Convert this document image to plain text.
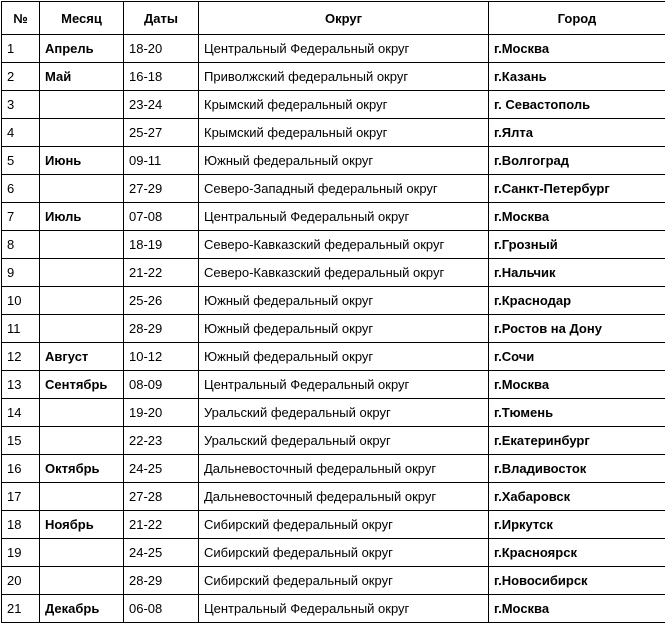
№	Месяц	Даты	Округ	Город
1	Апрель	18-20	Центральный Федеральный округ	г.Москва
2	Май	16-18	Приволжский федеральный округ	г.Казань
3		23-24	Крымский федеральный округ	г. Севастополь
4		25-27	Крымский федеральный округ	г.Ялта
5	Июнь	09-11	Южный федеральный округ	г.Волгоград
6		27-29	Северо-Западный федеральный округ	г.Санкт-Петербург
7	Июль	07-08	Центральный Федеральный округ	г.Москва
8		18-19	Северо-Кавказский федеральный округ	г.Грозный
9		21-22	Северо-Кавказский федеральный округ	г.Нальчик
10		25-26	Южный федеральный округ	г.Краснодар
11		28-29	Южный федеральный округ	г.Ростов на Дону
12	Август	10-12	Южный федеральный округ	г.Сочи
13	Сентябрь	08-09	Центральный Федеральный округ	г.Москва
14		19-20	Уральский федеральный округ	г.Тюмень
15		22-23	Уральский федеральный округ	г.Екатеринбург
16	Октябрь	24-25	Дальневосточный федеральный округ	г.Владивосток
17		27-28	Дальневосточный федеральный округ	г.Хабаровск
18	Ноябрь	21-22	Сибирский федеральный округ	г.Иркутск
19		24-25	Сибирский федеральный округ	г.Красноярск
20		28-29	Сибирский федеральный округ	г.Новосибирск
21	Декабрь	06-08	Центральный Федеральный округ	г.Москва
